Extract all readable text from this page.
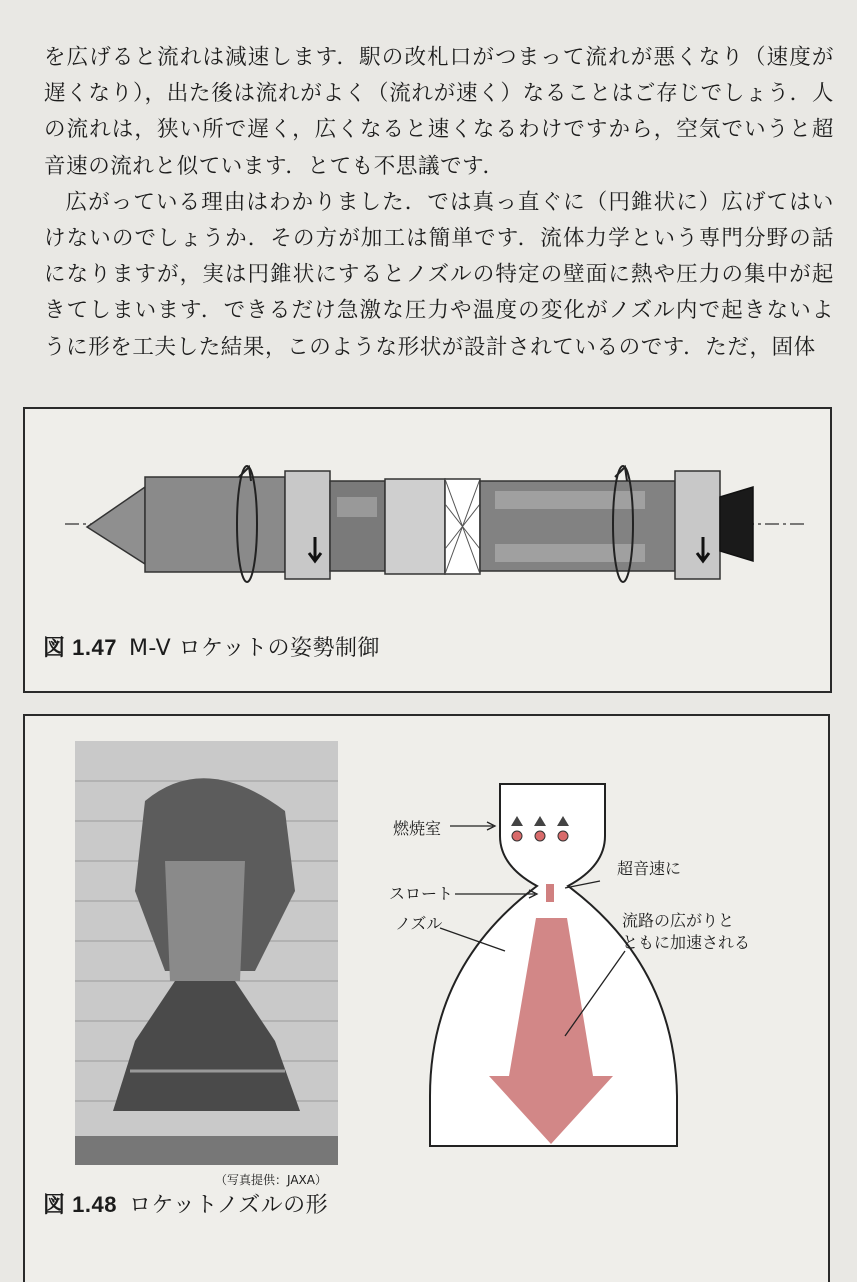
を広げると流れは減速します．駅の改札口がつまって流れが悪くなり（速度が遅くなり），出た後は流れがよく（流れが速く）なることはご存じでしょう．人の流れは，狭い所で遅く，広くなると速くなるわけですから，空気でいうと超音速の流れと似ています．とても不思議です．

広がっている理由はわかりました．では真っ直ぐに（円錐状に）広げてはいけないのでしょうか．その方が加工は簡単です．流体力学という専門分野の話になりますが，実は円錐状にするとノズルの特定の壁面に熱や圧力の集中が起きてしまいます．できるだけ急激な圧力や温度の変化がノズル内で起きないように形を工夫した結果，このような形状が設計されているのです．ただ，固体

図 1.47 M-V ロケットの姿勢制御
（写真提供：JAXA）
燃焼室
スロート
ノズル
超音速に
流路の広がりと
ともに加速される
図 1.48 ロケットノズルの形
